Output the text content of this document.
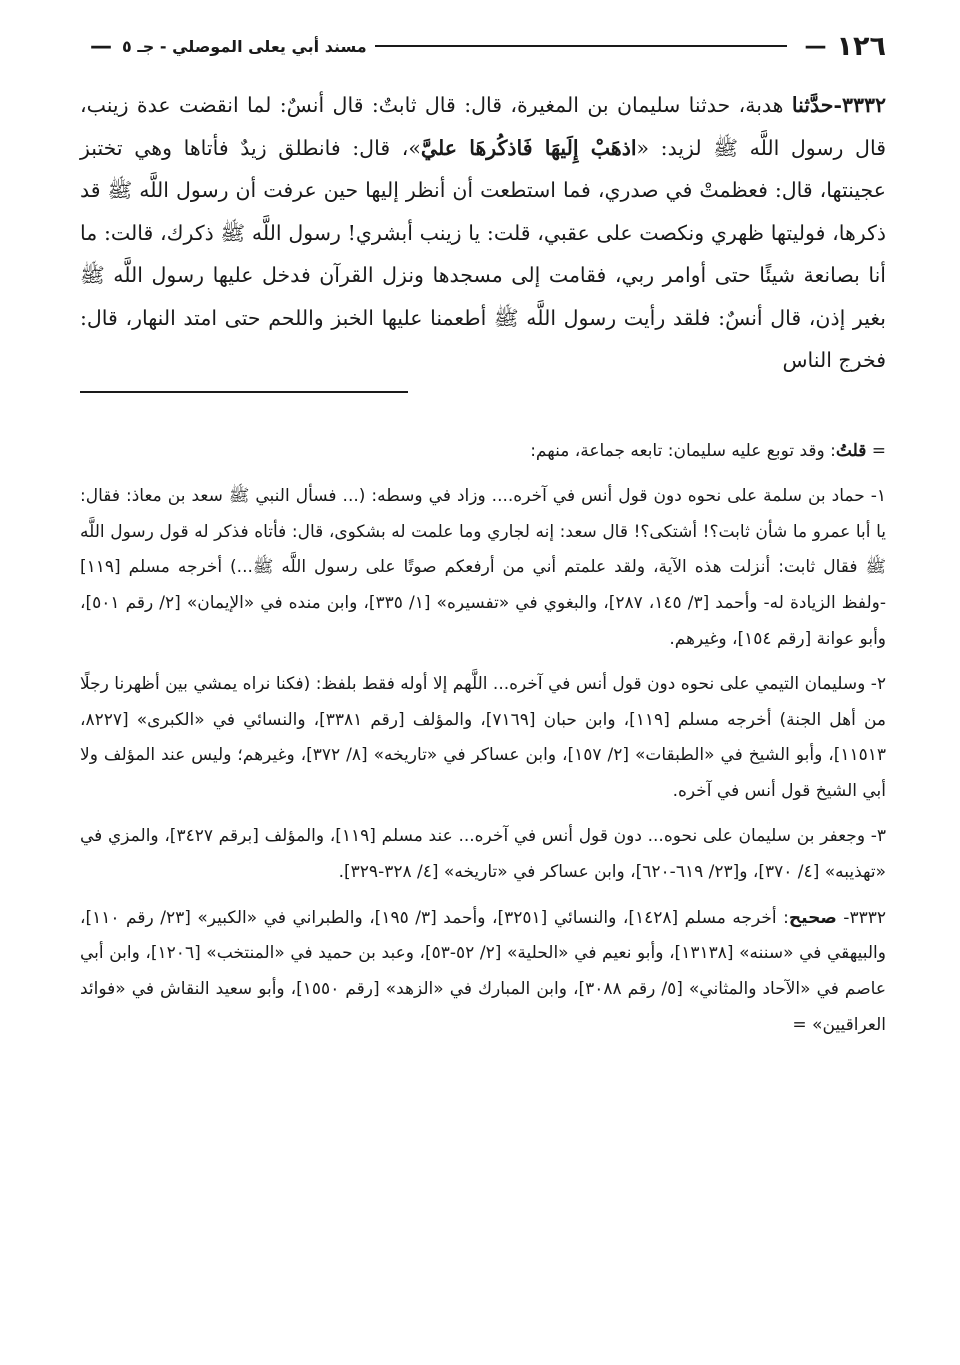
١٢٦
—
مسند أبي يعلى الموصلي - جـ ٥
—
٣٣٣٢-حدَّثنا هدبة، حدثنا سليمان بن المغيرة، قال: قال ثابتٌ: قال أنسٌ: لما انقضت عدة زينب، قال رسول اللَّه ﷺ لزيد: «اذهَبْ إِلَيهَا فَاذكُرهَا عليَّ»، قال: فانطلق زيدٌ فأتاها وهي تختبز عجينتها، قال: فعظمتْ في صدري، فما استطعت أن أنظر إليها حين عرفت أن رسول اللَّه ﷺ قد ذكرها، فوليتها ظهري ونكصت على عقبي، قلت: يا زينب أبشري! رسول اللَّه ﷺ ذكرك، قالت: ما أنا بصانعة شيئًا حتى أوامر ربي، فقامت إلى مسجدها ونزل القرآن فدخل عليها رسول اللَّه ﷺ بغير إذن، قال أنسٌ: فلقد رأيت رسول اللَّه ﷺ أطعمنا عليها الخبز واللحم حتى امتد النهار، قال: فخرج الناس

= قلتُ: وقد توبع عليه سليمان: تابعه جماعة، منهم:

١- حماد بن سلمة على نحوه دون قول أنس في آخره.... وزاد في وسطه: (... فسأل النبي ﷺ سعد بن معاذ: فقال: يا أبا عمرو ما شأن ثابت؟! أشتكى؟! قال سعد: إنه لجاري وما علمت له بشكوى، قال: فأتاه فذكر له قول رسول اللَّه ﷺ فقال ثابت: أنزلت هذه الآية، ولقد علمتم أني من أرفعكم صوتًا على رسول اللَّه ﷺ...) أخرجه مسلم [١١٩] -ولفظ الزيادة له- وأحمد [٣/ ١٤٥، ٢٨٧]، والبغوي في «تفسيره» [١/ ٣٣٥]، وابن منده في «الإيمان» [٢/ رقم ٥٠١]، وأبو عوانة [رقم ١٥٤]، وغيرهم.

٢- وسليمان التيمي على نحوه دون قول أنس في آخره... اللَّهم إلا أوله فقط بلفظ: (فكنا نراه يمشي بين أظهرنا رجلًا من أهل الجنة) أخرجه مسلم [١١٩]، وابن حبان [٧١٦٩]، والمؤلف [رقم ٣٣٨١]، والنسائي في «الكبرى» [٨٢٢٧، ١١٥١٣]، وأبو الشيخ في «الطبقات» [٢/ ١٥٧]، وابن عساكر في «تاريخه» [٨/ ٣٧٢]، وغيرهم؛ وليس عند المؤلف ولا أبي الشيخ قول أنس في آخره.

٣- وجعفر بن سليمان على نحوه... دون قول أنس في آخره... عند مسلم [١١٩]، والمؤلف [برقم ٣٤٢٧]، والمزي في «تهذيبه» [٤/ ٣٧٠]، و[٢٣/ ٦١٩-٦٢٠]، وابن عساكر في «تاريخه» [٤/ ٣٢٨-٣٢٩].

٣٣٣٢- صحيح: أخرجه مسلم [١٤٢٨]، والنسائي [٣٢٥١]، وأحمد [٣/ ١٩٥]، والطبراني في «الكبير» [٢٣/ رقم ١١٠]، والبيهقي في «سننه» [١٣١٣٨]، وأبو نعيم في «الحلية» [٢/ ٥٢-٥٣]، وعبد بن حميد في «المنتخب» [١٢٠٦]، وابن أبي عاصم في «الآحاد والمثاني» [٥/ رقم ٣٠٨٨]، وابن المبارك في «الزهد» [رقم ١٥٥٠]، وأبو سعيد النقاش في «فوائد العراقيين» =
